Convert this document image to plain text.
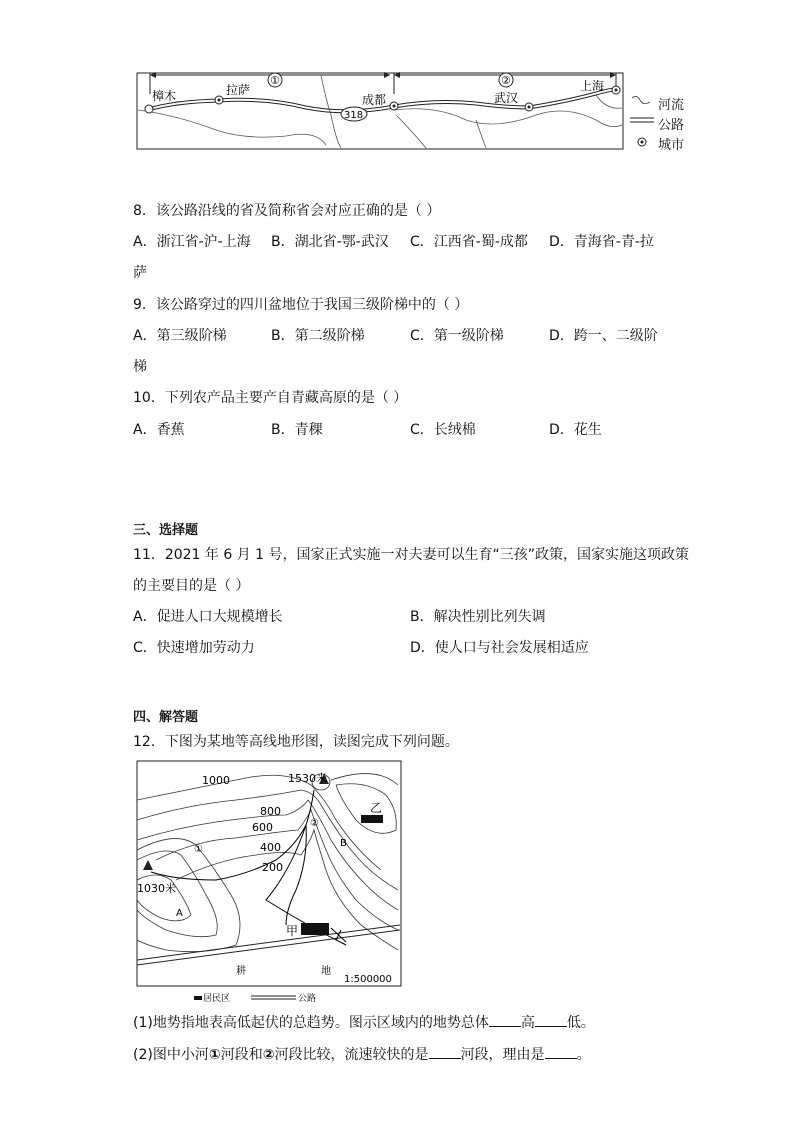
①	②
樟木	拉萨
成都	武汉
上海
318
河流
公路
城市
8．该公路沿线的省及简称省会对应正确的是（ ）
A．浙江省-沪-上海 B．湖北省-鄂-武汉 C．江西省-蜀-成都 D．青海省-青-拉
萨
9．该公路穿过的四川盆地位于我国三级阶梯中的（ ）
A．第三级阶梯	B．第二级阶梯	C．第一级阶梯	D．跨一、二级阶
梯
10．下列农产品主要产自青藏高原的是（ ）
A．香蕉	B．青稞	C．长绒棉	D．花生
三、选择题
11．2021 年 6 月 1 号，国家正式实施一对夫妻可以生育“三孩”政策，国家实施这项政策
的主要目的是（ ）
A．促进人口大规模增长	B．解决性别比列失调
C．快速增加劳动力	D．使人口与社会发展相适应
四、解答题
12．下图为某地等高线地形图，读图完成下列问题。
1000
800
600
400
200
1530米
1030米
乙
甲
A
B
①
②
耕	地
1:500000
居民区	公路
(1)地势指地表高低起伏的总趋势。图示区域内的地势总体 高 低。
(2)图中小河①河段和②河段比较，流速较快的是 河段，理由是 。
